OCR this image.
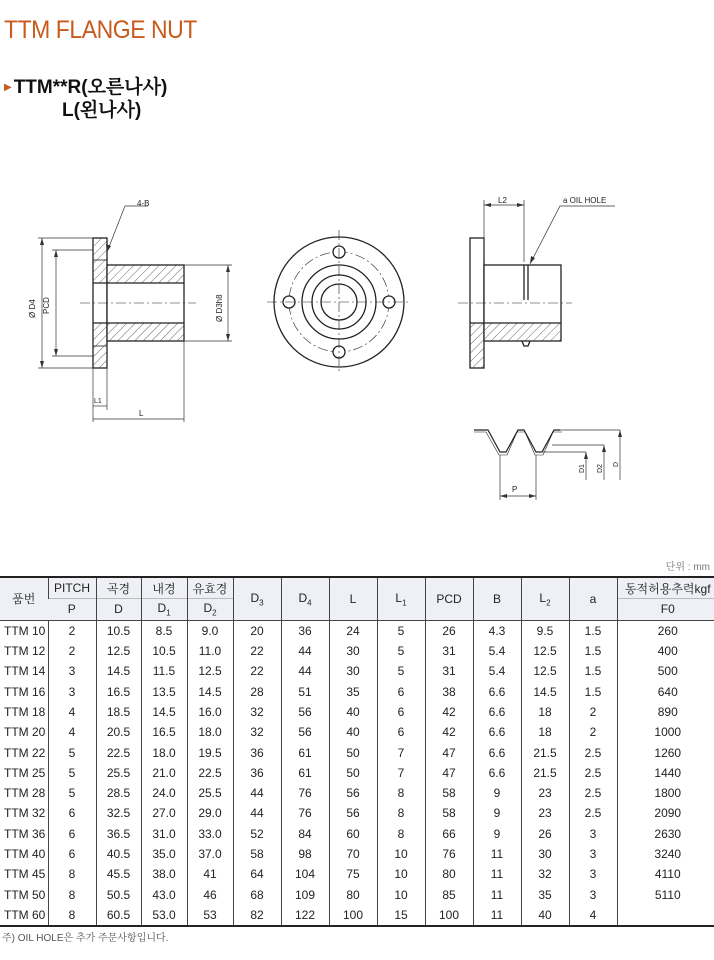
TTM FLANGE NUT
▶ TTM**R(오른나사)
L(왼나사)
4-B
Ø D4 PCD	Ø D3h8
L1
L
L2	a OIL HOLE
D1 D2 D
P
단위 : mm
품번	PITCH	곡경	내경	유효경	$D_3$	$D_4$	L	$L_1$	PCD	B	$L_2$	a	동적허용추력kgf
	P	D	$D_1$	$D_2$									F0
TTM 10	2	10.5	8.5	9.0	20	36	24	5	26	4.3	9.5	1.5	260
TTM 12	2	12.5	10.5	11.0	22	44	30	5	31	5.4	12.5	1.5	400
TTM 14	3	14.5	11.5	12.5	22	44	30	5	31	5.4	12.5	1.5	500
TTM 16	3	16.5	13.5	14.5	28	51	35	6	38	6.6	14.5	1.5	640
TTM 18	4	18.5	14.5	16.0	32	56	40	6	42	6.6	18	2	890
TTM 20	4	20.5	16.5	18.0	32	56	40	6	42	6.6	18	2	1000
TTM 22	5	22.5	18.0	19.5	36	61	50	7	47	6.6	21.5	2.5	1260
TTM 25	5	25.5	21.0	22.5	36	61	50	7	47	6.6	21.5	2.5	1440
TTM 28	5	28.5	24.0	25.5	44	76	56	8	58	9	23	2.5	1800
TTM 32	6	32.5	27.0	29.0	44	76	56	8	58	9	23	2.5	2090
TTM 36	6	36.5	31.0	33.0	52	84	60	8	66	9	26	3	2630
TTM 40	6	40.5	35.0	37.0	58	98	70	10	76	11	30	3	3240
TTM 45	8	45.5	38.0	41	64	104	75	10	80	11	32	3	4110
TTM 50	8	50.5	43.0	46	68	109	80	10	85	11	35	3	5110
TTM 60	8	60.5	53.0	53	82	122	100	15	100	11	40	4	
주) OIL HOLE은 추가 주문사항입니다.
